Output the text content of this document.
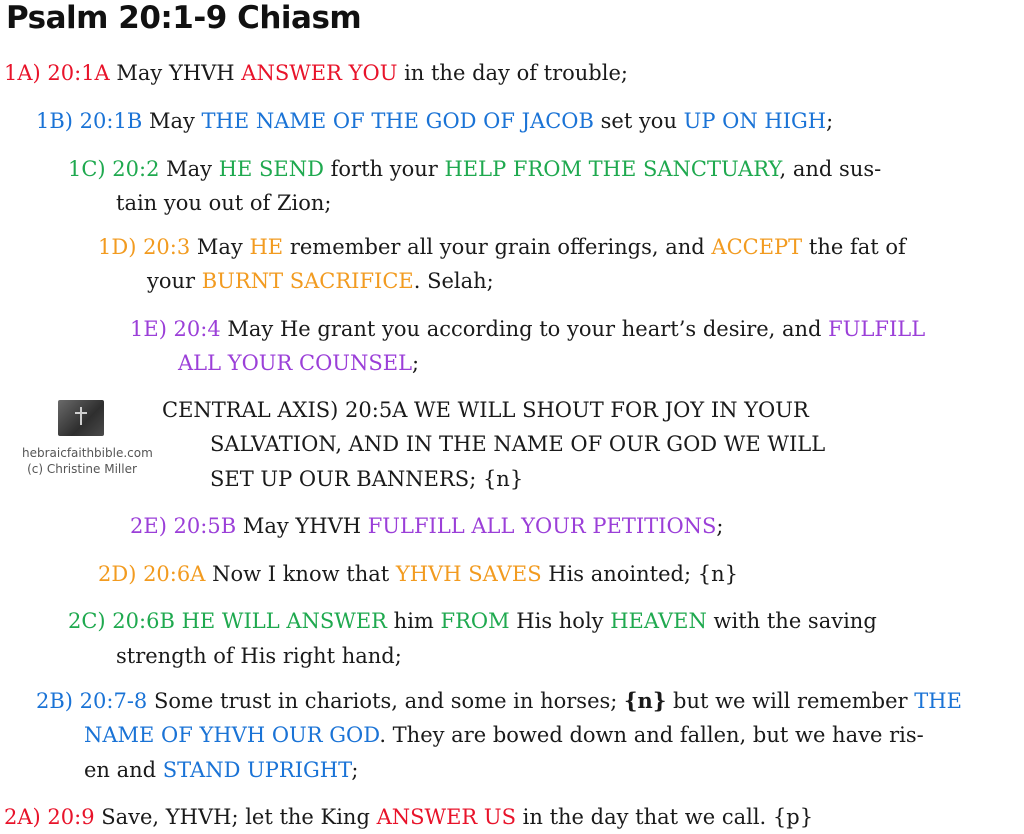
Psalm 20:1-9 Chiasm
1A) 20:1A May YHVH ANSWER YOU in the day of trouble;
1B) 20:1B May THE NAME OF THE GOD OF JACOB set you UP ON HIGH;
1C) 20:2 May HE SEND forth your HELP FROM THE SANCTUARY, and sus-
tain you out of Zion;
1D) 20:3 May HE remember all your grain offerings, and ACCEPT the fat of
your BURNT SACRIFICE. Selah;
1E) 20:4 May He grant you according to your heart’s desire, and FULFILL
ALL YOUR COUNSEL;
CENTRAL AXIS) 20:5A WE WILL SHOUT FOR JOY IN YOUR
SALVATION, AND IN THE NAME OF OUR GOD WE WILL
SET UP OUR BANNERS; {n}
2E) 20:5B May YHVH FULFILL ALL YOUR PETITIONS;
2D) 20:6A Now I know that YHVH SAVES His anointed; {n}
2C) 20:6B HE WILL ANSWER him FROM His holy HEAVEN with the saving
strength of His right hand;
2B) 20:7-8 Some trust in chariots, and some in horses; {n} but we will remember THE
NAME OF YHVH OUR GOD. They are bowed down and fallen, but we have ris-
en and STAND UPRIGHT;
2A) 20:9 Save, YHVH; let the King ANSWER US in the day that we call. {p}
hebraicfaithbible.com
(c) Christine Miller
